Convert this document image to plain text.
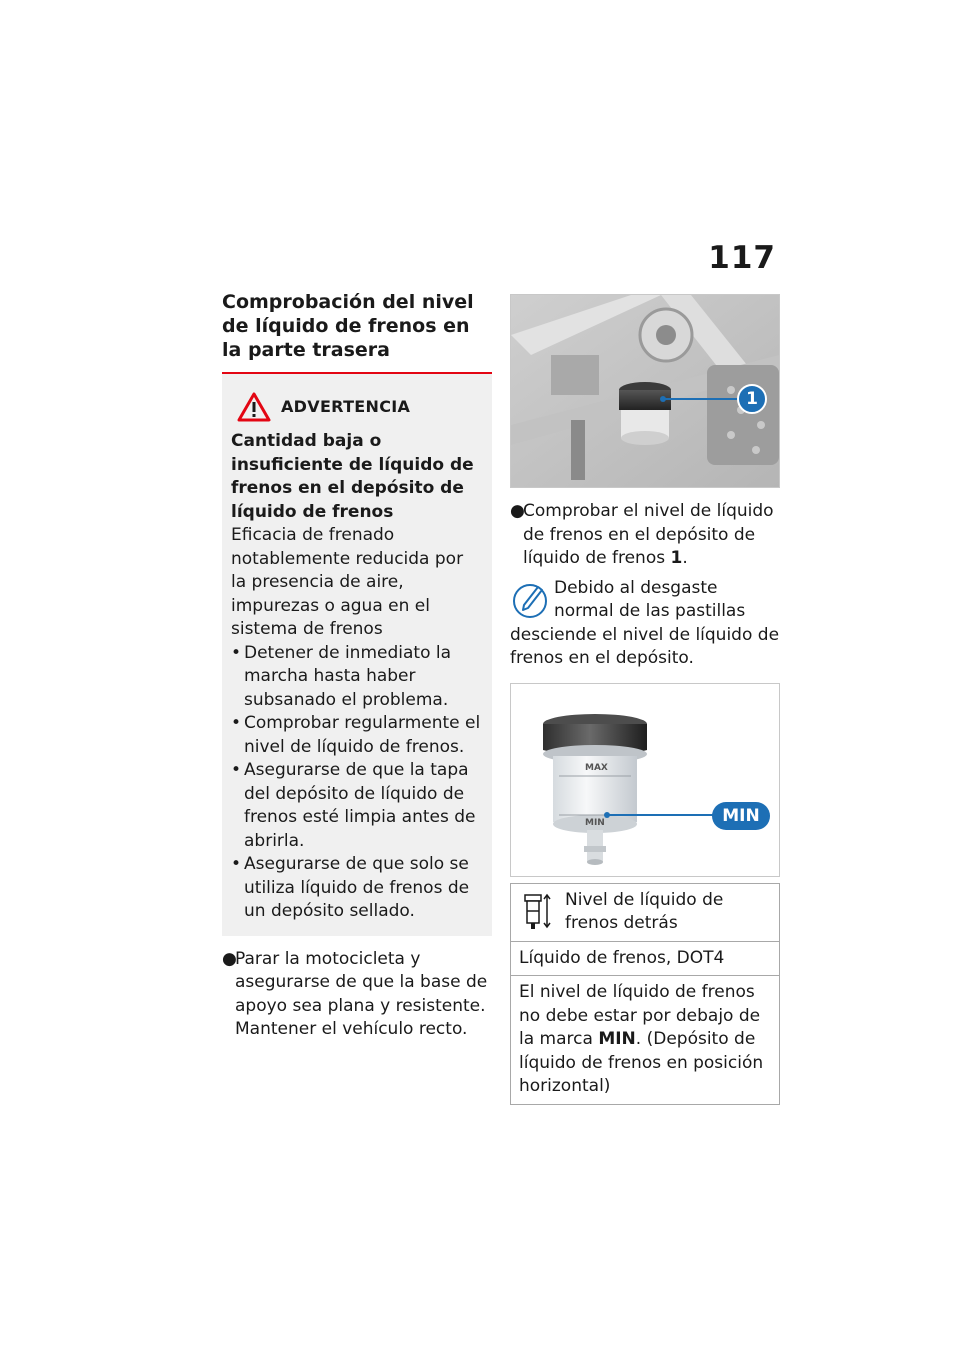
117
Comprobación del nivel de líquido de frenos en la parte trasera
ADVERTENCIA
Cantidad baja o insuficiente de líquido de frenos en el depósito de líquido de frenos
Eficacia de frenado notablemente reducida por la presencia de aire, impurezas o agua en el sistema de frenos
• Detener de inmediato la marcha hasta haber subsanado el problema.
• Comprobar regularmente el nivel de líquido de frenos.
• Asegurarse de que la tapa del depósito de líquido de frenos esté limpia antes de abrirla.
• Asegurarse de que solo se utiliza líquido de frenos de un depósito sellado.
●
Parar la motocicleta y asegurarse de que la base de apoyo sea plana y resistente. Mantener el vehículo recto.
1
●
Comprobar el nivel de líquido de frenos en el depósito de líquido de frenos 1.
Debido al desgaste normal de las pastillas desciende el nivel de líquido de frenos en el depósito.
MAX
MIN	MIN
Nivel de líquido de frenos detrás
Líquido de frenos, DOT4
El nivel de líquido de frenos no debe estar por debajo de la marca MIN. (Depósito de líquido de frenos en posición horizontal)
